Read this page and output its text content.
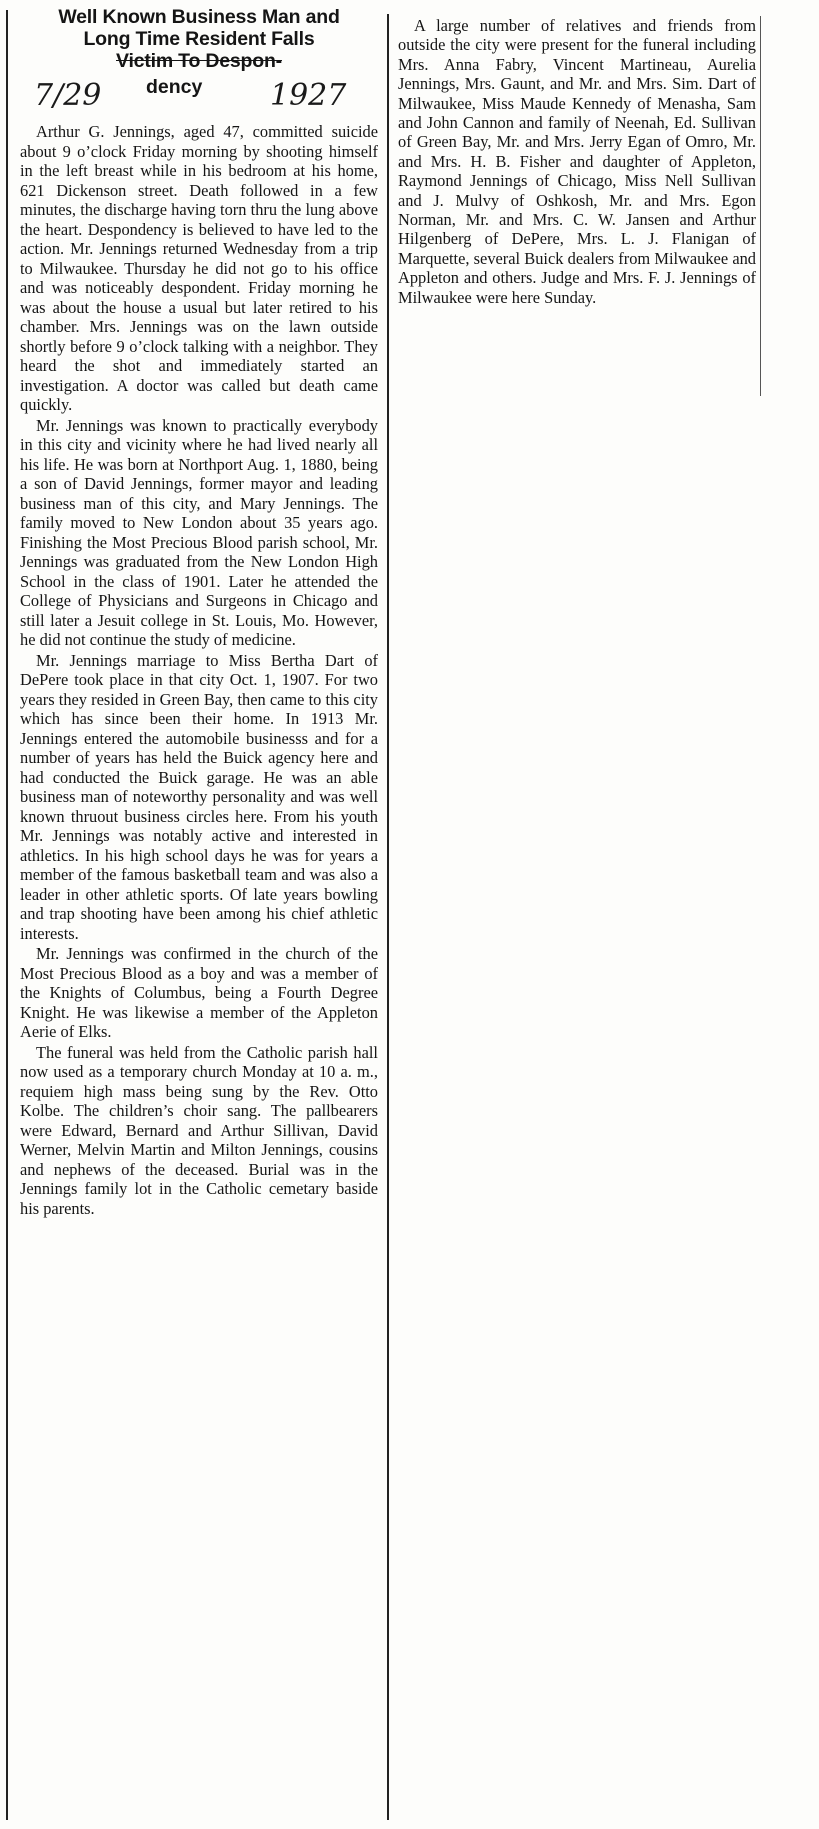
Well Known Business Man and
Long Time Resident Falls
Victim To Despon-
7/29 dency 1927

Arthur G. Jennings, aged 47, committed suicide about 9 o’clock Friday morning by shooting himself in the left breast while in his bedroom at his home, 621 Dickenson street. Death followed in a few minutes, the discharge having torn thru the lung above the heart. Despondency is believed to have led to the action. Mr. Jennings returned Wednesday from a trip to Milwaukee. Thursday he did not go to his office and was noticeably despondent. Friday morning he was about the house a usual but later retired to his chamber. Mrs. Jennings was on the lawn outside shortly before 9 o’clock talking with a neighbor. They heard the shot and immediately started an investigation. A doctor was called but death came quickly.

Mr. Jennings was known to practically everybody in this city and vicinity where he had lived nearly all his life. He was born at Northport Aug. 1, 1880, being a son of David Jennings, former mayor and leading business man of this city, and Mary Jennings. The family moved to New London about 35 years ago. Finishing the Most Precious Blood parish school, Mr. Jennings was graduated from the New London High School in the class of 1901. Later he attended the College of Physicians and Surgeons in Chicago and still later a Jesuit college in St. Louis, Mo. However, he did not continue the study of medicine.

Mr. Jennings marriage to Miss Bertha Dart of DePere took place in that city Oct. 1, 1907. For two years they resided in Green Bay, then came to this city which has since been their home. In 1913 Mr. Jennings entered the automobile businesss and for a number of years has held the Buick agency here and had conducted the Buick garage. He was an able business man of noteworthy personality and was well known thruout business circles here. From his youth Mr. Jennings was notably active and interested in athletics. In his high school days he was for years a member of the famous basketball team and was also a leader in other athletic sports. Of late years bowling and trap shooting have been among his chief athletic interests.

Mr. Jennings was confirmed in the church of the Most Precious Blood as a boy and was a member of the Knights of Columbus, being a Fourth Degree Knight. He was likewise a member of the Appleton Aerie of Elks.

The funeral was held from the Catholic parish hall now used as a temporary church Monday at 10 a. m., requiem high mass being sung by the Rev. Otto Kolbe. The children’s choir sang. The pallbearers were Edward, Bernard and Arthur Sillivan, David Werner, Melvin Martin and Milton Jennings, cousins and nephews of the deceased. Burial was in the Jennings family lot in the Catholic cemetary baside his parents.

A large number of relatives and friends from outside the city were present for the funeral including Mrs. Anna Fabry, Vincent Martineau, Aurelia Jennings, Mrs. Gaunt, and Mr. and Mrs. Sim. Dart of Milwaukee, Miss Maude Kennedy of Menasha, Sam and John Cannon and family of Neenah, Ed. Sullivan of Green Bay, Mr. and Mrs. Jerry Egan of Omro, Mr. and Mrs. H. B. Fisher and daughter of Appleton, Raymond Jennings of Chicago, Miss Nell Sullivan and J. Mulvy of Oshkosh, Mr. and Mrs. Egon Norman, Mr. and Mrs. C. W. Jansen and Arthur Hilgenberg of DePere, Mrs. L. J. Flanigan of Marquette, several Buick dealers from Milwaukee and Appleton and others. Judge and Mrs. F. J. Jennings of Milwaukee were here Sunday.
